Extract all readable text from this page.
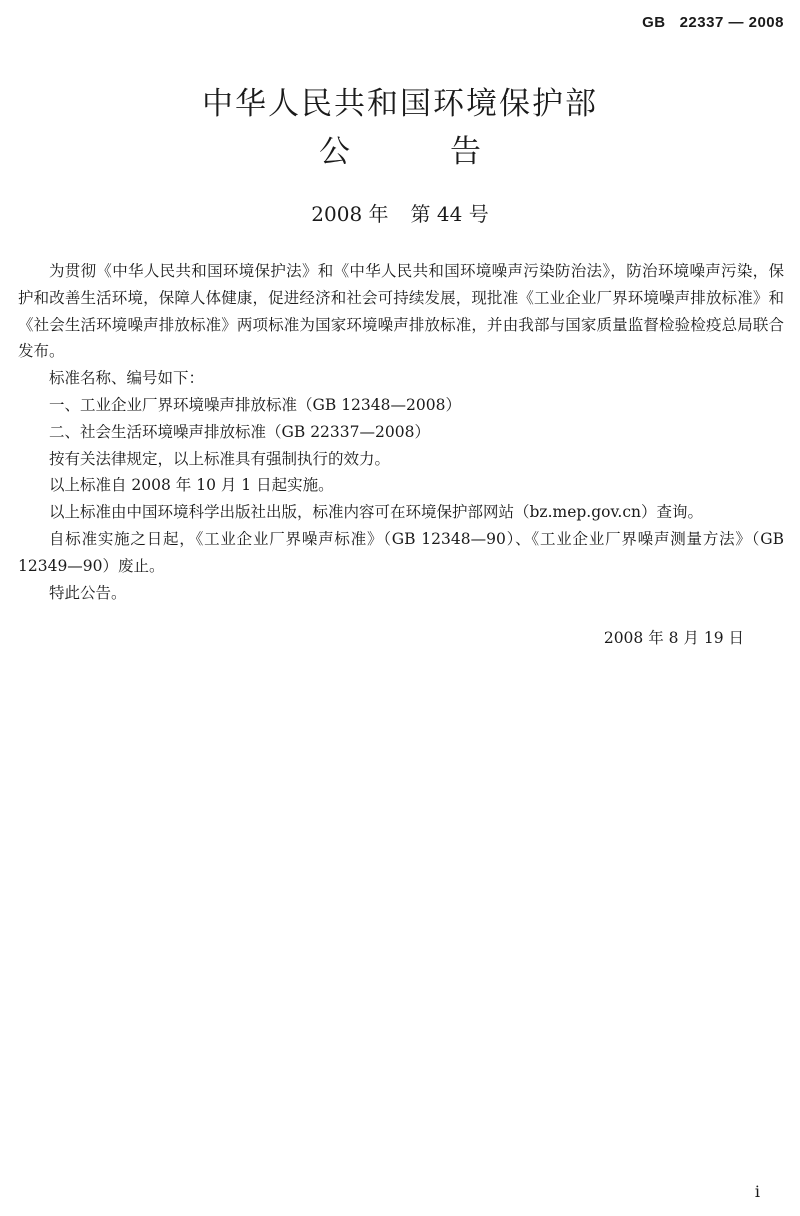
GB 22337 — 2008
中华人民共和国环境保护部
公	告
2008 年 第 44 号

为贯彻《中华人民共和国环境保护法》和《中华人民共和国环境噪声污染防治法》，防治环境噪声污染，保护和改善生活环境，保障人体健康，促进经济和社会可持续发展，现批准《工业企业厂界环境噪声排放标准》和《社会生活环境噪声排放标准》两项标准为国家环境噪声排放标准，并由我部与国家质量监督检验检疫总局联合发布。

标准名称、编号如下：

一、工业企业厂界环境噪声排放标准（GB 12348—2008）

二、社会生活环境噪声排放标准（GB 22337—2008）

按有关法律规定，以上标准具有强制执行的效力。

以上标准自 2008 年 10 月 1 日起实施。

以上标准由中国环境科学出版社出版，标准内容可在环境保护部网站（bz.mep.gov.cn）查询。

自标准实施之日起，《工业企业厂界噪声标准》（GB 12348—90）、《工业企业厂界噪声测量方法》（GB 12349—90）废止。

特此公告。

2008 年 8 月 19 日
i
